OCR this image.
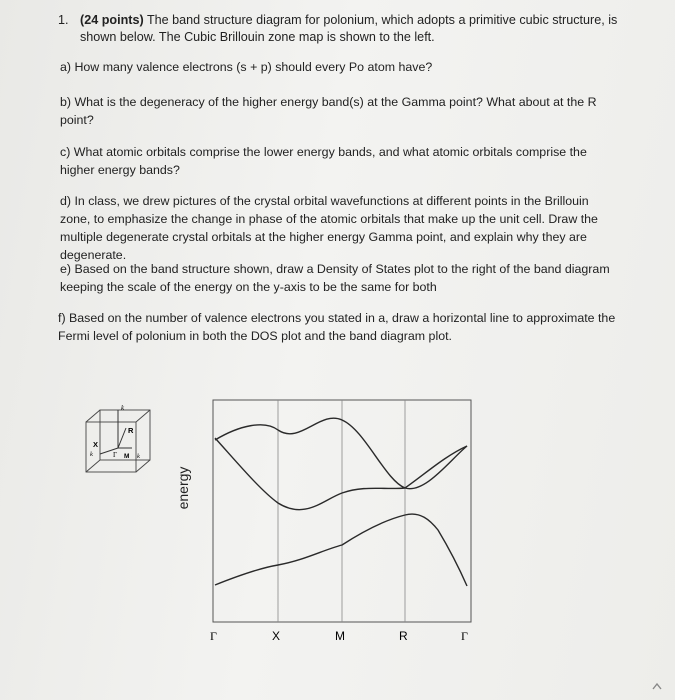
1. (24 points) The band structure diagram for polonium, which adopts a primitive cubic structure, is
shown below. The Cubic Brillouin zone map is shown to the left.
a) How many valence electrons (s + p) should every Po atom have?
b) What is the degeneracy of the higher energy band(s) at the Gamma point? What about at the R point?
c) What atomic orbitals comprise the lower energy bands, and what atomic orbitals comprise the higher energy bands?
d) In class, we drew pictures of the crystal orbital wavefunctions at different points in the Brillouin zone, to emphasize the change in phase of the atomic orbitals that make up the unit cell. Draw the multiple degenerate crystal orbitals at the higher energy Gamma point, and explain why they are degenerate.
e) Based on the band structure shown, draw a Density of States plot to the right of the band diagram keeping the scale of the energy on the y-axis to be the same for both
f) Based on the number of valence electrons you stated in a, draw a horizontal line to approximate the Fermi level of polonium in both the DOS plot and the band diagram plot.
k
R
X
k	Γ M k
energy
Γ	X	M	R	Γ
